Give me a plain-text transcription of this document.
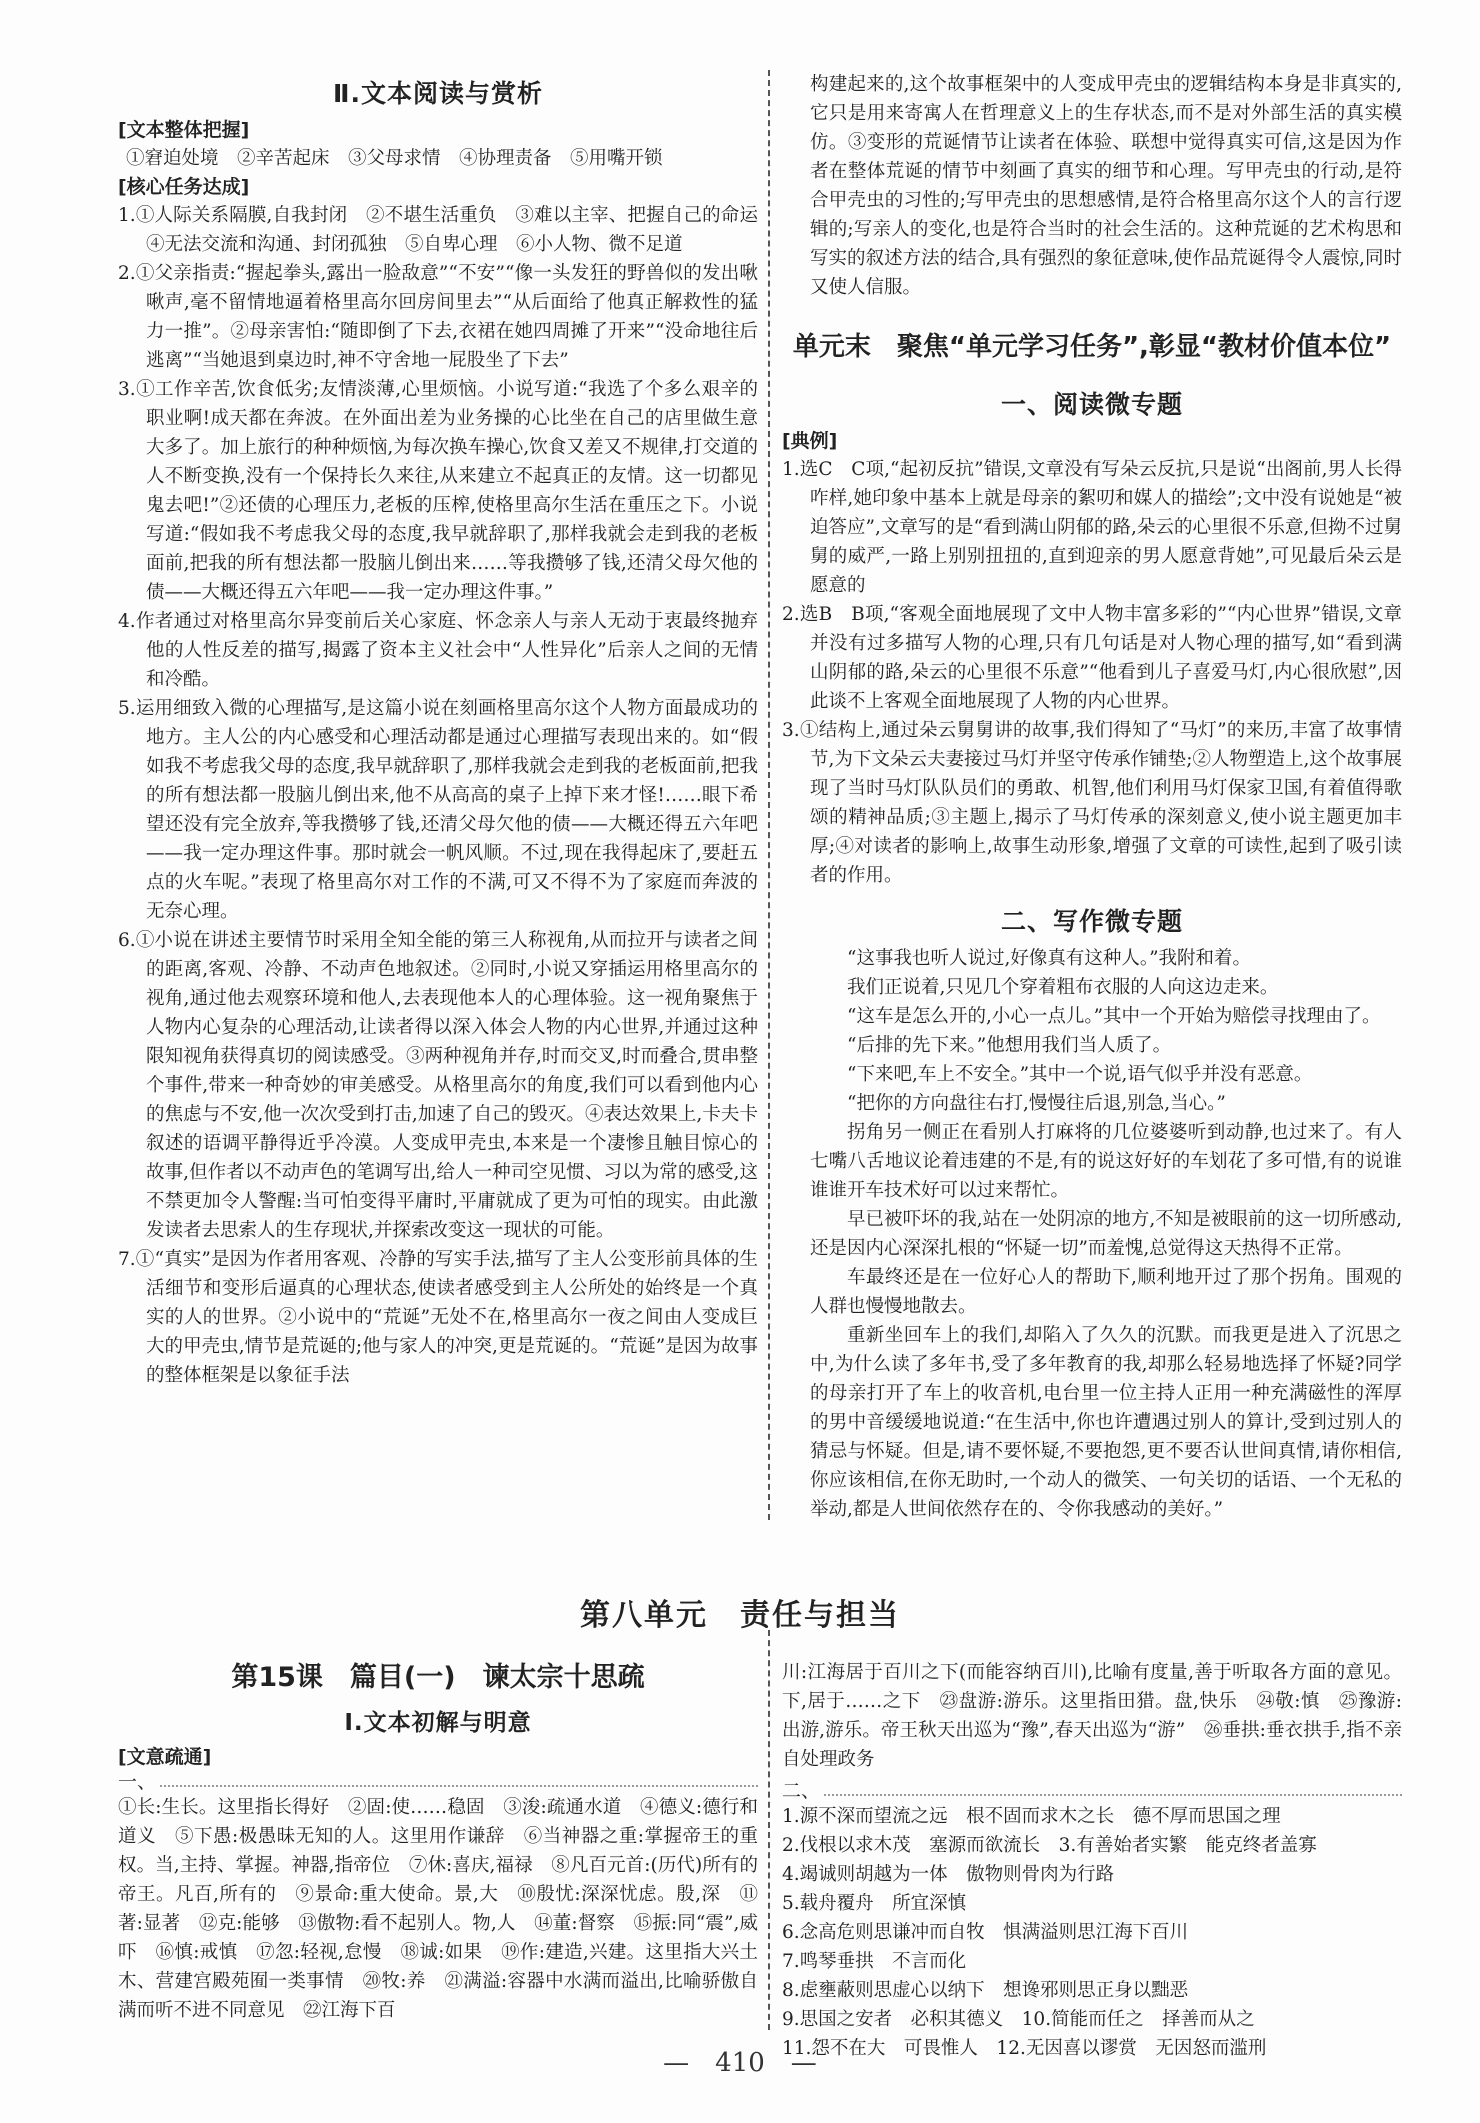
Ⅱ.文本阅读与赏析
[文本整体把握]
①窘迫处境　②辛苦起床　③父母求情　④协理责备　⑤用嘴开锁
[核心任务达成]
1.①人际关系隔膜,自我封闭　②不堪生活重负　③难以主宰、把握自己的命运　④无法交流和沟通、封闭孤独　⑤自卑心理　⑥小人物、微不足道
2.①父亲指责:“握起拳头,露出一脸敌意”“不安”“像一头发狂的野兽似的发出啾啾声,毫不留情地逼着格里高尔回房间里去”“从后面给了他真正解救性的猛力一推”。②母亲害怕:“随即倒了下去,衣裙在她四周摊了开来”“没命地往后逃离”“当她退到桌边时,神不守舍地一屁股坐了下去”
3.①工作辛苦,饮食低劣;友情淡薄,心里烦恼。小说写道:“我选了个多么艰辛的职业啊!成天都在奔波。在外面出差为业务操的心比坐在自己的店里做生意大多了。加上旅行的种种烦恼,为每次换车操心,饮食又差又不规律,打交道的人不断变换,没有一个保持长久来往,从来建立不起真正的友情。这一切都见鬼去吧!”②还债的心理压力,老板的压榨,使格里高尔生活在重压之下。小说写道:“假如我不考虑我父母的态度,我早就辞职了,那样我就会走到我的老板面前,把我的所有想法都一股脑儿倒出来……等我攒够了钱,还清父母欠他的债——大概还得五六年吧——我一定办理这件事。”
4.作者通过对格里高尔异变前后关心家庭、怀念亲人与亲人无动于衷最终抛弃他的人性反差的描写,揭露了资本主义社会中“人性异化”后亲人之间的无情和冷酷。
5.运用细致入微的心理描写,是这篇小说在刻画格里高尔这个人物方面最成功的地方。主人公的内心感受和心理活动都是通过心理描写表现出来的。如“假如我不考虑我父母的态度,我早就辞职了,那样我就会走到我的老板面前,把我的所有想法都一股脑儿倒出来,他不从高高的桌子上掉下来才怪!……眼下希望还没有完全放弃,等我攒够了钱,还清父母欠他的债——大概还得五六年吧——我一定办理这件事。那时就会一帆风顺。不过,现在我得起床了,要赶五点的火车呢。”表现了格里高尔对工作的不满,可又不得不为了家庭而奔波的无奈心理。
6.①小说在讲述主要情节时采用全知全能的第三人称视角,从而拉开与读者之间的距离,客观、冷静、不动声色地叙述。②同时,小说又穿插运用格里高尔的视角,通过他去观察环境和他人,去表现他本人的心理体验。这一视角聚焦于人物内心复杂的心理活动,让读者得以深入体会人物的内心世界,并通过这种限知视角获得真切的阅读感受。③两种视角并存,时而交叉,时而叠合,贯串整个事件,带来一种奇妙的审美感受。从格里高尔的角度,我们可以看到他内心的焦虑与不安,他一次次受到打击,加速了自己的毁灭。④表达效果上,卡夫卡叙述的语调平静得近乎冷漠。人变成甲壳虫,本来是一个凄惨且触目惊心的故事,但作者以不动声色的笔调写出,给人一种司空见惯、习以为常的感受,这不禁更加令人警醒:当可怕变得平庸时,平庸就成了更为可怕的现实。由此激发读者去思索人的生存现状,并探索改变这一现状的可能。
7.①“真实”是因为作者用客观、冷静的写实手法,描写了主人公变形前具体的生活细节和变形后逼真的心理状态,使读者感受到主人公所处的始终是一个真实的人的世界。②小说中的“荒诞”无处不在,格里高尔一夜之间由人变成巨大的甲壳虫,情节是荒诞的;他与家人的冲突,更是荒诞的。“荒诞”是因为故事的整体框架是以象征手法
构建起来的,这个故事框架中的人变成甲壳虫的逻辑结构本身是非真实的,它只是用来寄寓人在哲理意义上的生存状态,而不是对外部生活的真实模仿。③变形的荒诞情节让读者在体验、联想中觉得真实可信,这是因为作者在整体荒诞的情节中刻画了真实的细节和心理。写甲壳虫的行动,是符合甲壳虫的习性的;写甲壳虫的思想感情,是符合格里高尔这个人的言行逻辑的;写亲人的变化,也是符合当时的社会生活的。这种荒诞的艺术构思和写实的叙述方法的结合,具有强烈的象征意味,使作品荒诞得令人震惊,同时又使人信服。
单元末　聚焦“单元学习任务”,彰显“教材价值本位”
一、阅读微专题
[典例]
1.选C　C项,“起初反抗”错误,文章没有写朵云反抗,只是说“出阁前,男人长得咋样,她印象中基本上就是母亲的絮叨和媒人的描绘”;文中没有说她是“被迫答应”,文章写的是“看到满山阴郁的路,朵云的心里很不乐意,但拗不过舅舅的威严,一路上别别扭扭的,直到迎亲的男人愿意背她”,可见最后朵云是愿意的
2.选B　B项,“客观全面地展现了文中人物丰富多彩的”“内心世界”错误,文章并没有过多描写人物的心理,只有几句话是对人物心理的描写,如“看到满山阴郁的路,朵云的心里很不乐意”“他看到儿子喜爱马灯,内心很欣慰”,因此谈不上客观全面地展现了人物的内心世界。
3.①结构上,通过朵云舅舅讲的故事,我们得知了“马灯”的来历,丰富了故事情节,为下文朵云夫妻接过马灯并坚守传承作铺垫;②人物塑造上,这个故事展现了当时马灯队队员们的勇敢、机智,他们利用马灯保家卫国,有着值得歌颂的精神品质;③主题上,揭示了马灯传承的深刻意义,使小说主题更加丰厚;④对读者的影响上,故事生动形象,增强了文章的可读性,起到了吸引读者的作用。
二、写作微专题
“这事我也听人说过,好像真有这种人。”我附和着。
我们正说着,只见几个穿着粗布衣服的人向这边走来。
“这车是怎么开的,小心一点儿。”其中一个开始为赔偿寻找理由了。
“后排的先下来。”他想用我们当人质了。
“下来吧,车上不安全。”其中一个说,语气似乎并没有恶意。
“把你的方向盘往右打,慢慢往后退,别急,当心。”
拐角另一侧正在看别人打麻将的几位婆婆听到动静,也过来了。有人七嘴八舌地议论着违建的不是,有的说这好好的车划花了多可惜,有的说谁谁谁开车技术好可以过来帮忙。
早已被吓坏的我,站在一处阴凉的地方,不知是被眼前的这一切所感动,还是因内心深深扎根的“怀疑一切”而羞愧,总觉得这天热得不正常。
车最终还是在一位好心人的帮助下,顺利地开过了那个拐角。围观的人群也慢慢地散去。
重新坐回车上的我们,却陷入了久久的沉默。而我更是进入了沉思之中,为什么读了多年书,受了多年教育的我,却那么轻易地选择了怀疑?同学的母亲打开了车上的收音机,电台里一位主持人正用一种充满磁性的浑厚的男中音缓缓地说道:“在生活中,你也许遭遇过别人的算计,受到过别人的猜忌与怀疑。但是,请不要怀疑,不要抱怨,更不要否认世间真情,请你相信,你应该相信,在你无助时,一个动人的微笑、一句关切的话语、一个无私的举动,都是人世间依然存在的、令你我感动的美好。”
第八单元　责任与担当
第15课　篇目(一)　谏太宗十思疏
Ⅰ.文本初解与明意
[文意疏通]
一、
①长:生长。这里指长得好　②固:使……稳固　③浚:疏通水道　④德义:德行和道义　⑤下愚:极愚昧无知的人。这里用作谦辞　⑥当神器之重:掌握帝王的重权。当,主持、掌握。神器,指帝位　⑦休:喜庆,福禄　⑧凡百元首:(历代)所有的帝王。凡百,所有的　⑨景命:重大使命。景,大　⑩殷忧:深深忧虑。殷,深　⑪著:显著　⑫克:能够　⑬傲物:看不起别人。物,人　⑭董:督察　⑮振:同“震”,威吓　⑯慎:戒慎　⑰忽:轻视,怠慢　⑱诚:如果　⑲作:建造,兴建。这里指大兴土木、营建宫殿苑囿一类事情　⑳牧:养　㉑满溢:容器中水满而溢出,比喻骄傲自满而听不进不同意见　㉒江海下百
川:江海居于百川之下(而能容纳百川),比喻有度量,善于听取各方面的意见。下,居于……之下　㉓盘游:游乐。这里指田猎。盘,快乐　㉔敬:慎　㉕豫游:出游,游乐。帝王秋天出巡为“豫”,春天出巡为“游”　㉖垂拱:垂衣拱手,指不亲自处理政务
二、
1.源不深而望流之远　根不固而求木之长　德不厚而思国之理
2.伐根以求木茂　塞源而欲流长　3.有善始者实繁　能克终者盖寡
4.竭诚则胡越为一体　傲物则骨肉为行路
5.载舟覆舟　所宜深慎
6.念高危则思谦冲而自牧　惧满溢则思江海下百川
7.鸣琴垂拱　不言而化
8.虑壅蔽则思虚心以纳下　想谗邪则思正身以黜恶
9.思国之安者　必积其德义　10.简能而任之　择善而从之
11.怨不在大　可畏惟人　12.无因喜以谬赏　无因怒而滥刑
—　410　—
